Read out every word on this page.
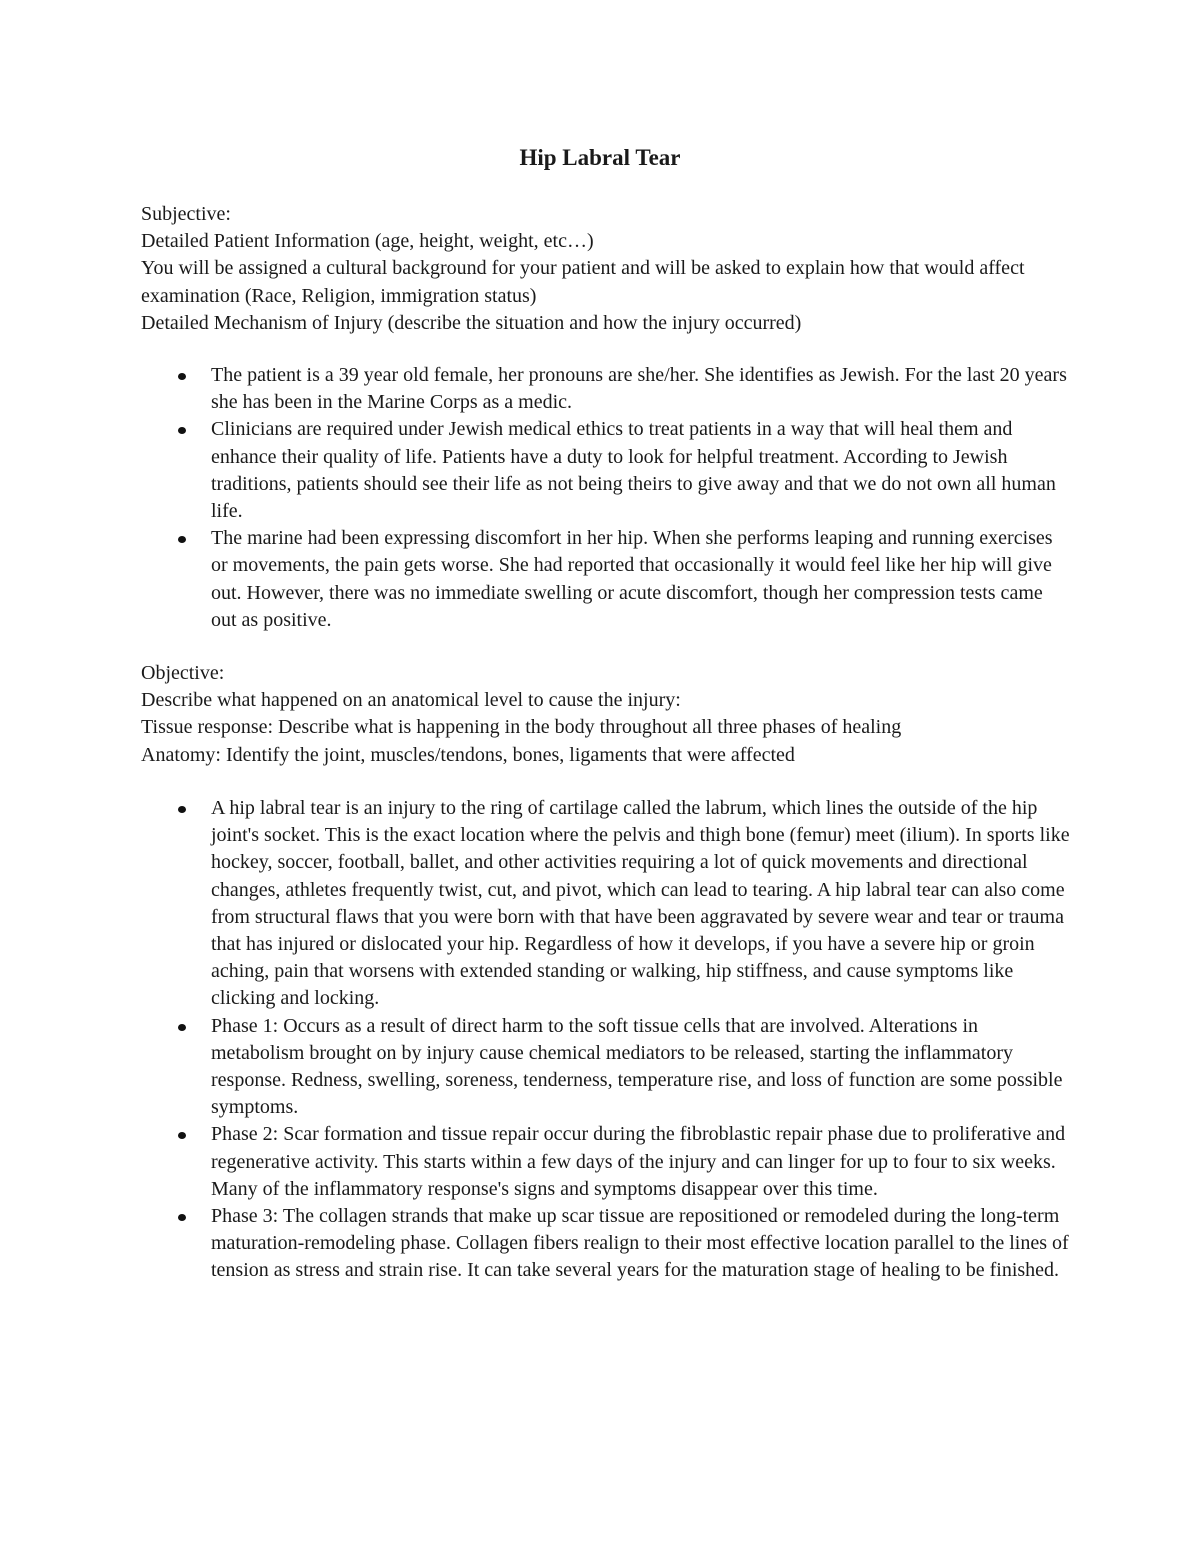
Hip Labral Tear

Subjective:

Detailed Patient Information (age, height, weight, etc…)

You will be assigned a cultural background for your patient and will be asked to explain how that would affect examination (Race, Religion, immigration status)

Detailed Mechanism of Injury (describe the situation and how the injury occurred)

The patient is a 39 year old female, her pronouns are she/her. She identifies as Jewish. For the last 20 years she has been in the Marine Corps as a medic.
Clinicians are required under Jewish medical ethics to treat patients in a way that will heal them and enhance their quality of life. Patients have a duty to look for helpful treatment. According to Jewish traditions, patients should see their life as not being theirs to give away and that we do not own all human life.
The marine had been expressing discomfort in her hip. When she performs leaping and running exercises or movements, the pain gets worse. She had reported that occasionally it would feel like her hip will give out. However, there was no immediate swelling or acute discomfort, though her compression tests came out as positive.

Objective:

Describe what happened on an anatomical level to cause the injury:

Tissue response: Describe what is happening in the body throughout all three phases of healing

Anatomy: Identify the joint, muscles/tendons, bones, ligaments that were affected

A hip labral tear is an injury to the ring of cartilage called the labrum, which lines the outside of the hip joint's socket. This is the exact location where the pelvis and thigh bone (femur) meet (ilium). In sports like hockey, soccer, football, ballet, and other activities requiring a lot of quick movements and directional changes, athletes frequently twist, cut, and pivot, which can lead to tearing. A hip labral tear can also come from structural flaws that you were born with that have been aggravated by severe wear and tear or trauma that has injured or dislocated your hip. Regardless of how it develops, if you have a severe hip or groin aching, pain that worsens with extended standing or walking, hip stiffness, and cause symptoms like clicking and locking.
Phase 1: Occurs as a result of direct harm to the soft tissue cells that are involved. Alterations in metabolism brought on by injury cause chemical mediators to be released, starting the inflammatory response. Redness, swelling, soreness, tenderness, temperature rise, and loss of function are some possible symptoms.
Phase 2: Scar formation and tissue repair occur during the fibroblastic repair phase due to proliferative and regenerative activity. This starts within a few days of the injury and can linger for up to four to six weeks. Many of the inflammatory response's signs and symptoms disappear over this time.
Phase 3: The collagen strands that make up scar tissue are repositioned or remodeled during the long-term maturation-remodeling phase. Collagen fibers realign to their most effective location parallel to the lines of tension as stress and strain rise. It can take several years for the maturation stage of healing to be finished.
